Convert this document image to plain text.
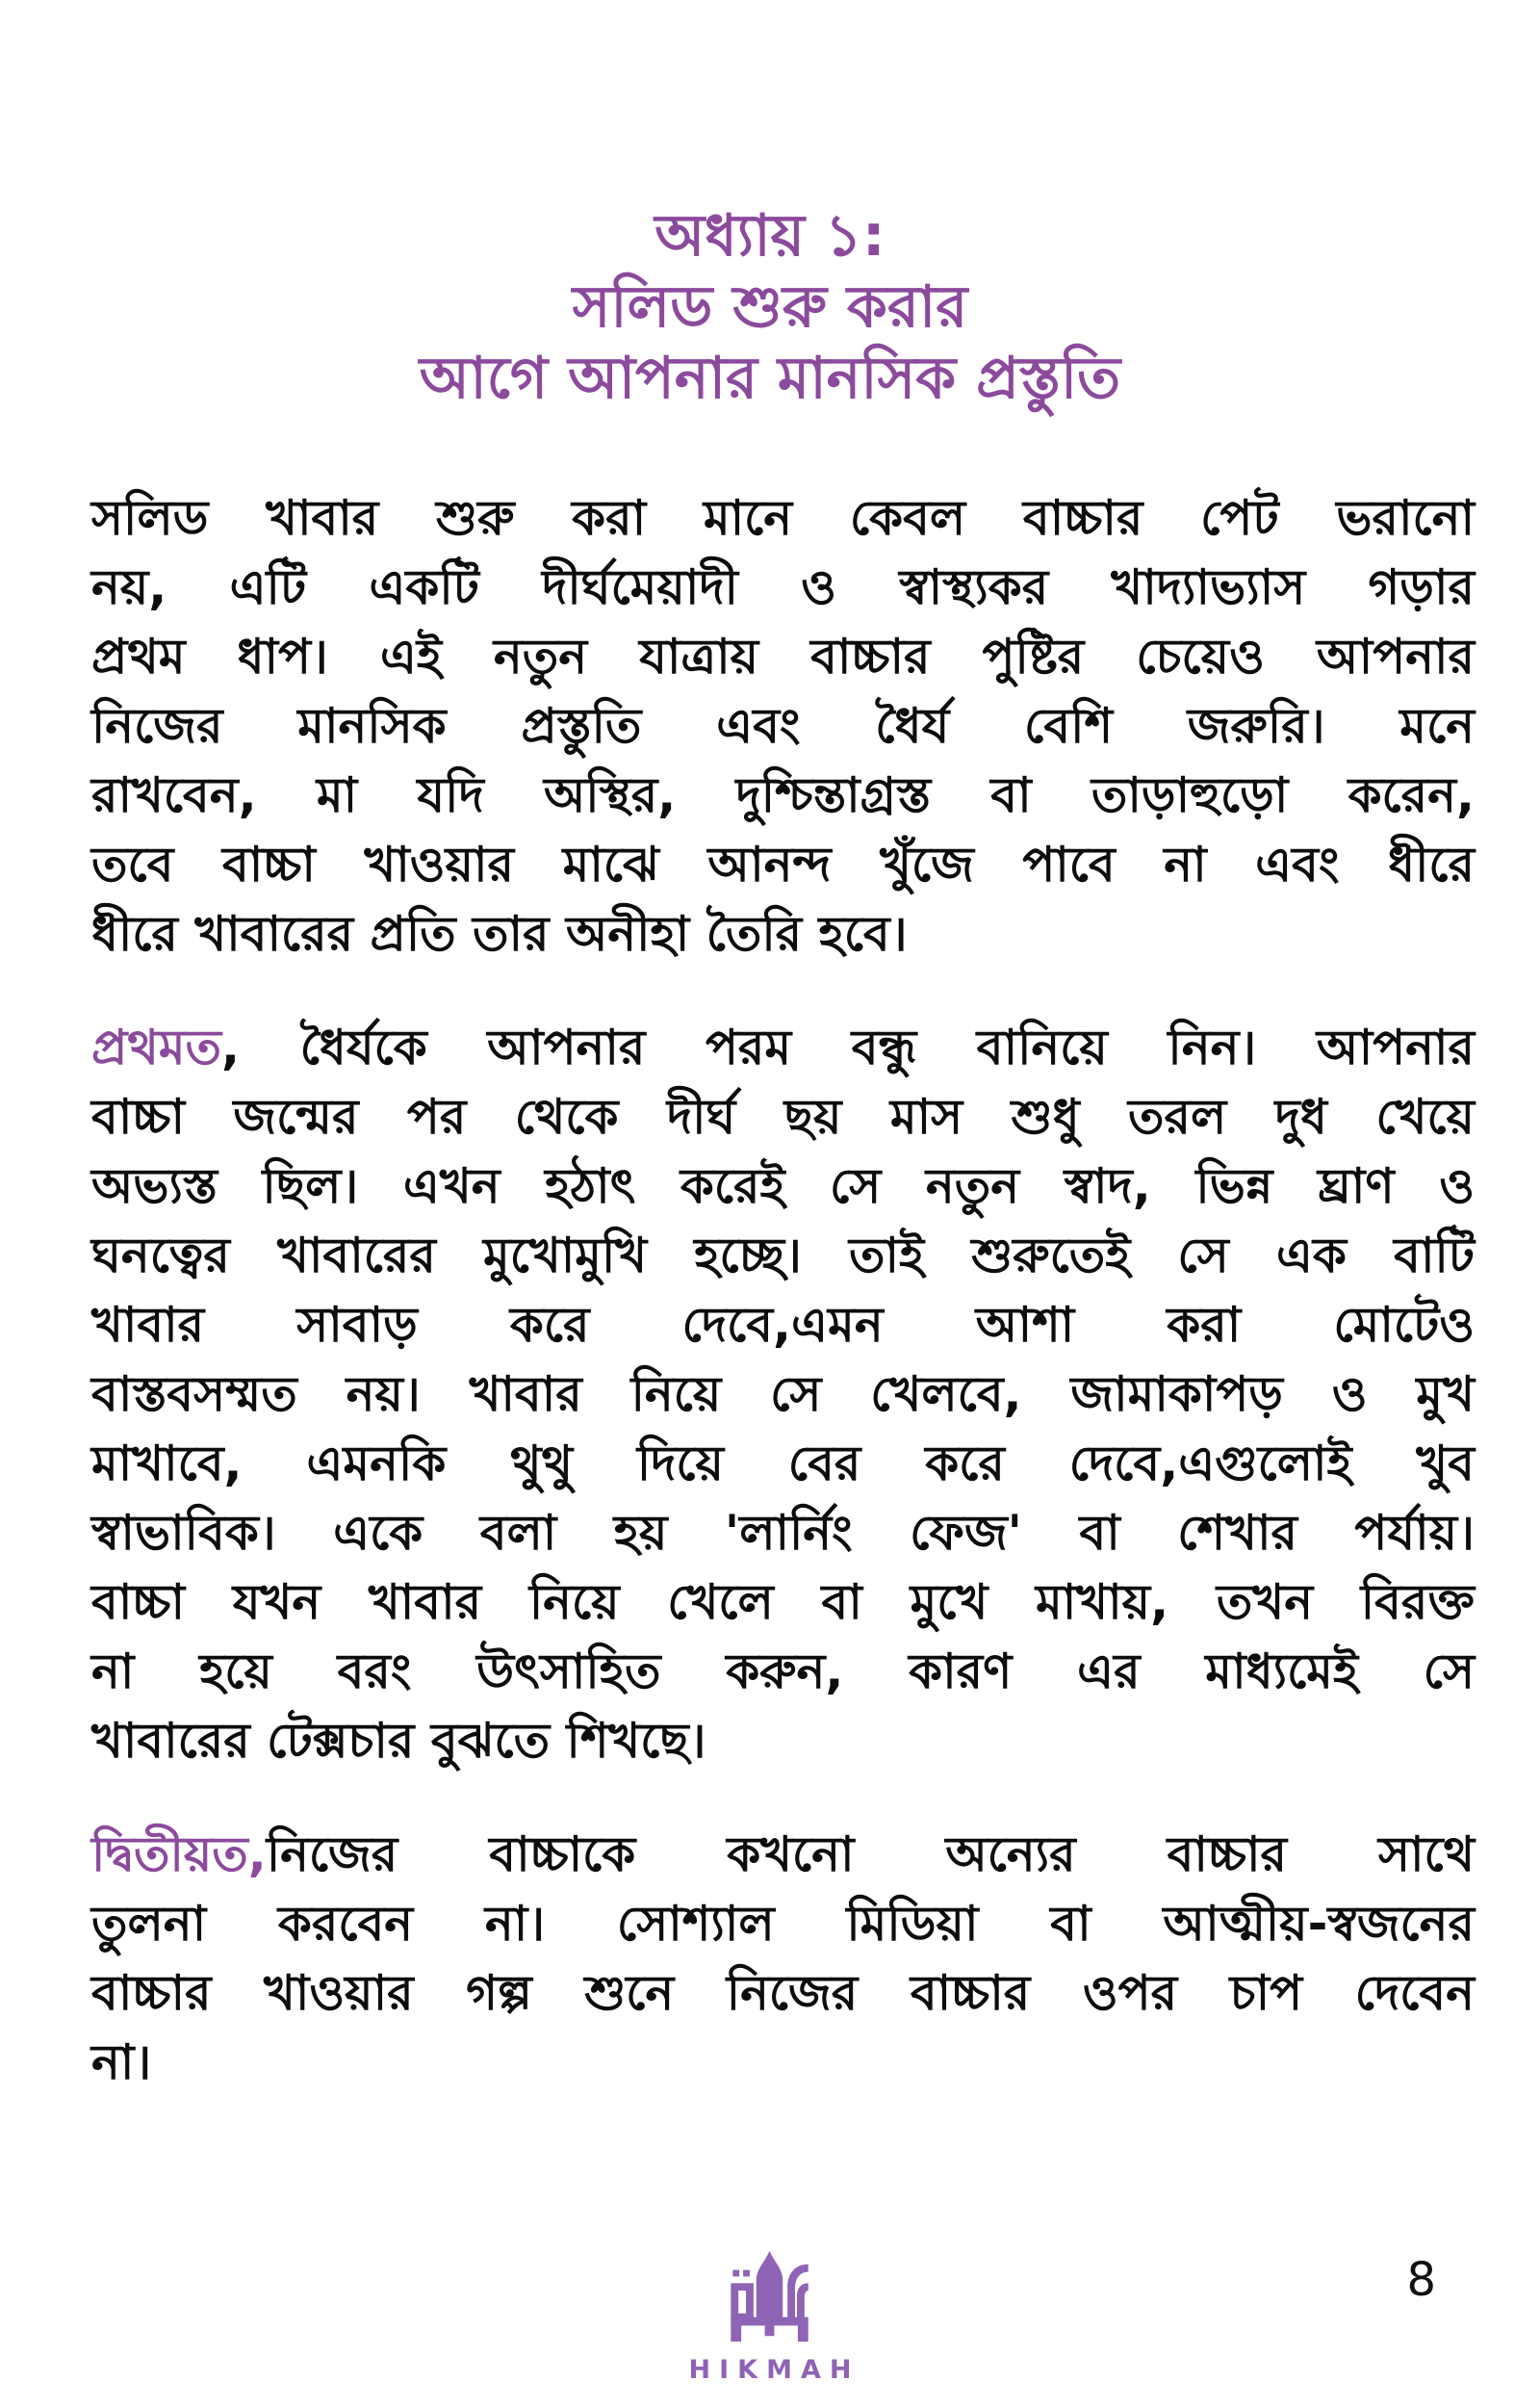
অধ্যায় ১:
সলিড শুরু করার
আগে আপনার মানসিক প্রস্তুতি
সলিড খাবার শুরু করা মানে কেবল বাচ্চার পেট ভরানো
নয়, এটি একটি দীর্ঘমেয়াদী ও স্বাস্থ্যকর খাদ্যাভ্যাস গড়ার
প্রথম ধাপ। এই নতুন যাত্রায় বাচ্চার পুষ্টির চেয়েও আপনার
নিজের মানসিক প্রস্তুতি এবং ধৈর্য বেশি জরুরি। মনে
রাখবেন, মা যদি অস্থির, দুশ্চিন্তাগ্রস্ত বা তাড়াহুড়ো করেন,
তবে বাচ্চা খাওয়ার মাঝে আনন্দ খুঁজে পাবে না এবং ধীরে
ধীরে খাবারের প্রতি তার অনীহা তৈরি হবে।
প্রথমত, ধৈর্যকে আপনার পরম বন্ধু বানিয়ে নিন। আপনার
বাচ্চা জন্মের পর থেকে দীর্ঘ ছয় মাস শুধু তরল দুধ খেয়ে
অভ্যস্ত ছিল। এখন হঠাৎ করেই সে নতুন স্বাদ, ভিন্ন ঘ্রাণ ও
ঘনত্বের খাবারের মুখোমুখি হচ্ছে। তাই শুরুতেই সে এক বাটি
খাবার সাবাড় করে দেবে,এমন আশা করা মোটেও
বাস্তবসম্মত নয়। খাবার নিয়ে সে খেলবে, জামাকাপড় ও মুখ
মাখাবে, এমনকি থুথু দিয়ে বের করে দেবে,এগুলোই খুব
স্বাভাবিক। একে বলা হয় 'লার্নিং ফেজ' বা শেখার পর্যায়।
বাচ্চা যখন খাবার নিয়ে খেলে বা মুখে মাখায়, তখন বিরক্ত
না হয়ে বরং উৎসাহিত করুন, কারণ এর মাধ্যমেই সে
খাবারের টেক্সচার বুঝতে শিখছে।
দ্বিতীয়ত,নিজের বাচ্চাকে কখনো অন্যের বাচ্চার সাথে
তুলনা করবেন না। সোশ্যাল মিডিয়া বা আত্মীয়-স্বজনের
বাচ্চার খাওয়ার গল্প শুনে নিজের বাচ্চার ওপর চাপ দেবেন
না।
HIKMAH
8
